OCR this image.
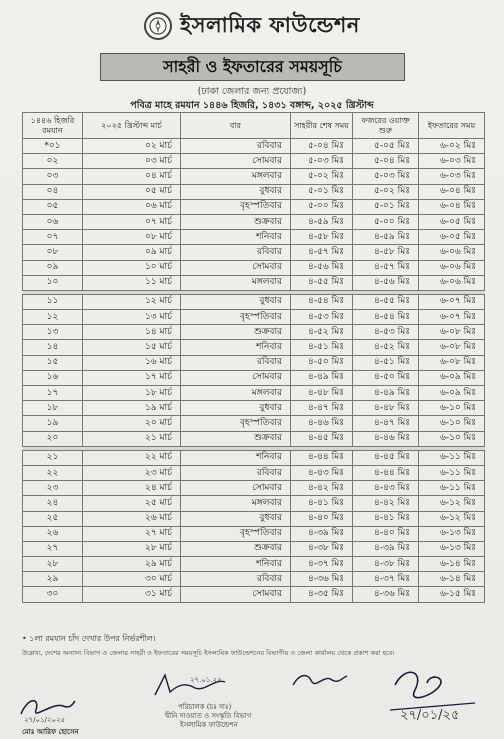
ইসলামিক ফাউন্ডেশন
সাহরী ও ইফতারের সময়সূচি
(ঢাকা জেলার জন্য প্রযোজ্য)
পবিত্র মাহে রমযান ১৪৪৬ হিজরি, ১৪৩১ বঙ্গাব্দ, ২০২৫ খ্রিস্টাব্দ
১৪৪৬ হিজরি রমযান	২০২৫ খ্রিস্টাব্দ মার্চ	বার	সাহরীর শেষ সময়	ফজরের ওয়াক্ত শুরু	ইফতারের সময়
*০১	০২ মার্চ	রবিবার	৫-০৪ মিঃ	৫-০৫ মিঃ	৬-০২ মিঃ
০২	০৩ মার্চ	সোমবার	৫-০৩ মিঃ	৫-০৪ মিঃ	৬-০৩ মিঃ
০৩	০৪ মার্চ	মঙ্গলবার	৫-০২ মিঃ	৫-০৩ মিঃ	৬-০৩ মিঃ
০৪	০৫ মার্চ	বুধবার	৫-০১ মিঃ	৫-০২ মিঃ	৬-০৪ মিঃ
০৫	০৬ মার্চ	বৃহস্পতিবার	৫-০০ মিঃ	৫-০১ মিঃ	৬-০৪ মিঃ
০৬	০৭ মার্চ	শুক্রবার	৪-৫৯ মিঃ	৫-০০ মিঃ	৬-০৫ মিঃ
০৭	০৮ মার্চ	শনিবার	৪-৫৮ মিঃ	৪-৫৯ মিঃ	৬-০৫ মিঃ
০৮	০৯ মার্চ	রবিবার	৪-৫৭ মিঃ	৪-৫৮ মিঃ	৬-০৬ মিঃ
০৯	১০ মার্চ	সোমবার	৪-৫৬ মিঃ	৪-৫৭ মিঃ	৬-০৬ মিঃ
১০	১১ মার্চ	মঙ্গলবার	৪-৫৫ মিঃ	৪-৫৬ মিঃ	৬-০৬ মিঃ

১১	১২ মার্চ	বুধবার	৪-৫৪ মিঃ	৪-৫৫ মিঃ	৬-০৭ মিঃ
১২	১৩ মার্চ	বৃহস্পতিবার	৪-৫৩ মিঃ	৪-৫৪ মিঃ	৬-০৭ মিঃ
১৩	১৪ মার্চ	শুক্রবার	৪-৫২ মিঃ	৪-৫৩ মিঃ	৬-০৮ মিঃ
১৪	১৫ মার্চ	শনিবার	৪-৫১ মিঃ	৪-৫২ মিঃ	৬-০৮ মিঃ
১৫	১৬ মার্চ	রবিবার	৪-৫০ মিঃ	৪-৫১ মিঃ	৬-০৮ মিঃ
১৬	১৭ মার্চ	সোমবার	৪-৪৯ মিঃ	৪-৫০ মিঃ	৬-০৯ মিঃ
১৭	১৮ মার্চ	মঙ্গলবার	৪-৪৮ মিঃ	৪-৪৯ মিঃ	৬-০৯ মিঃ
১৮	১৯ মার্চ	বুধবার	৪-৪৭ মিঃ	৪-৪৮ মিঃ	৬-১০ মিঃ
১৯	২০ মার্চ	বৃহস্পতিবার	৪-৪৬ মিঃ	৪-৪৭ মিঃ	৬-১০ মিঃ
২০	২১ মার্চ	শুক্রবার	৪-৪৫ মিঃ	৪-৪৬ মিঃ	৬-১০ মিঃ

২১	২২ মার্চ	শনিবার	৪-৪৪ মিঃ	৪-৪৫ মিঃ	৬-১১ মিঃ
২২	২৩ মার্চ	রবিবার	৪-৪৩ মিঃ	৪-৪৪ মিঃ	৬-১১ মিঃ
২৩	২৪ মার্চ	সোমবার	৪-৪২ মিঃ	৪-৪৩ মিঃ	৬-১১ মিঃ
২৪	২৫ মার্চ	মঙ্গলবার	৪-৪১ মিঃ	৪-৪২ মিঃ	৬-১২ মিঃ
২৫	২৬ মার্চ	বুধবার	৪-৪০ মিঃ	৪-৪১ মিঃ	৬-১২ মিঃ
২৬	২৭ মার্চ	বৃহস্পতিবার	৪-৩৯ মিঃ	৪-৪০ মিঃ	৬-১৩ মিঃ
২৭	২৮ মার্চ	শুক্রবার	৪-৩৮ মিঃ	৪-৩৯ মিঃ	৬-১৩ মিঃ
২৮	২৯ মার্চ	শনিবার	৪-৩৭ মিঃ	৪-৩৮ মিঃ	৬-১৪ মিঃ
২৯	৩০ মার্চ	রবিবার	৪-৩৬ মিঃ	৪-৩৭ মিঃ	৬-১৪ মিঃ
৩০	৩১ মার্চ	সোমবার	৪-৩৫ মিঃ	৪-৩৬ মিঃ	৬-১৫ মিঃ
• ১লা রমযান চাঁদ দেখার উপর নির্ভরশীল।
উল্লেখ্য, দেশের অন্যান্য বিভাগ ও জেলার সাহরী ও ইফতারের সময়সূচি ইসলামিক ফাউন্ডেশনের বিভাগীয় ও জেলা কার্যালয় থেকে প্রকাশ করা হবে।
২৭/০১/২০২৫
মোঃ আরিফ হোসেন
২৭.০১.২৫
পরিচালক (চঃ দাঃ)
দ্বীনি দাওয়াত ও সংস্কৃতি বিভাগ
ইসলামিক ফাউন্ডেশন
২৭/০১/২৫
